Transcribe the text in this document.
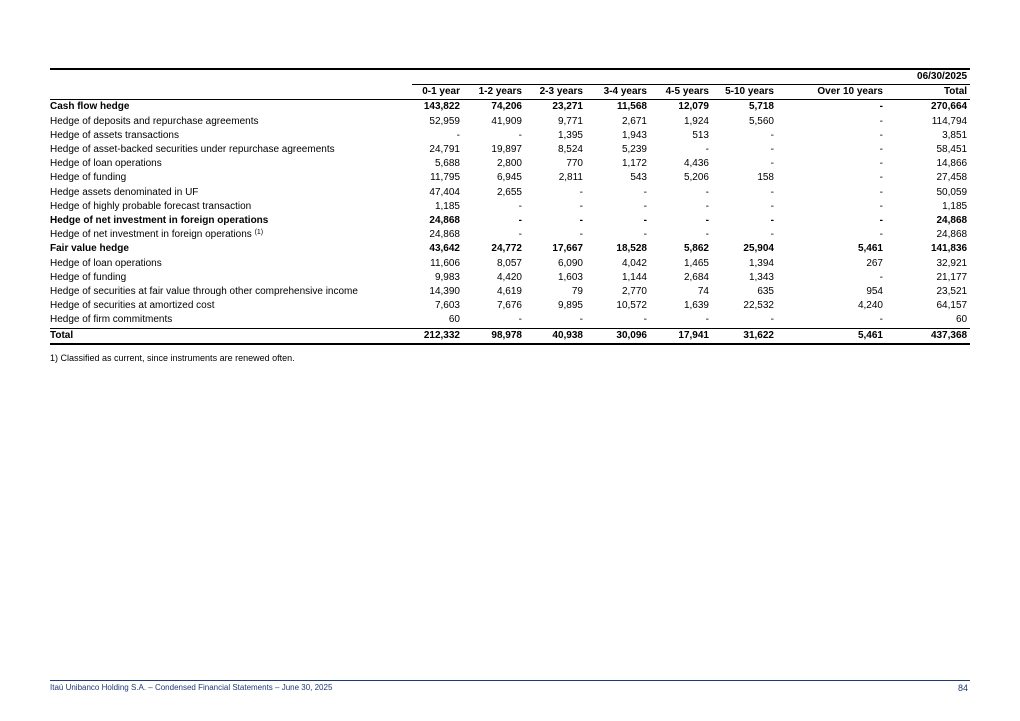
	06/30/2025							
	0-1 year	1-2 years	2-3 years	3-4 years	4-5 years	5-10 years	Over 10 years	Total
Cash flow hedge	143,822	74,206	23,271	11,568	12,079	5,718	-	270,664
Hedge of deposits and repurchase agreements	52,959	41,909	9,771	2,671	1,924	5,560	-	114,794
Hedge of assets transactions	-	-	1,395	1,943	513	-	-	3,851
Hedge of asset-backed securities under repurchase agreements	24,791	19,897	8,524	5,239	-	-	-	58,451
Hedge of loan operations	5,688	2,800	770	1,172	4,436	-	-	14,866
Hedge of funding	11,795	6,945	2,811	543	5,206	158	-	27,458
Hedge assets denominated in UF	47,404	2,655	-	-	-	-	-	50,059
Hedge of highly probable forecast transaction	1,185	-	-	-	-	-	-	1,185
Hedge of net investment in foreign operations	24,868	-	-	-	-	-	-	24,868
Hedge of net investment in foreign operations $^{(1)}$	24,868	-	-	-	-	-	-	24,868
Fair value hedge	43,642	24,772	17,667	18,528	5,862	25,904	5,461	141,836
Hedge of loan operations	11,606	8,057	6,090	4,042	1,465	1,394	267	32,921
Hedge of funding	9,983	4,420	1,603	1,144	2,684	1,343	-	21,177
Hedge of securities at fair value through other comprehensive income	14,390	4,619	79	2,770	74	635	954	23,521
Hedge of securities at amortized cost	7,603	7,676	9,895	10,572	1,639	22,532	4,240	64,157
Hedge of firm commitments	60	-	-	-	-	-	-	60
Total	212,332	98,978	40,938	30,096	17,941	31,622	5,461	437,368
1) Classified as current, since instruments are renewed often.
Itaú Unibanco Holding S.A. – Condensed Financial Statements – June 30, 2025	84
